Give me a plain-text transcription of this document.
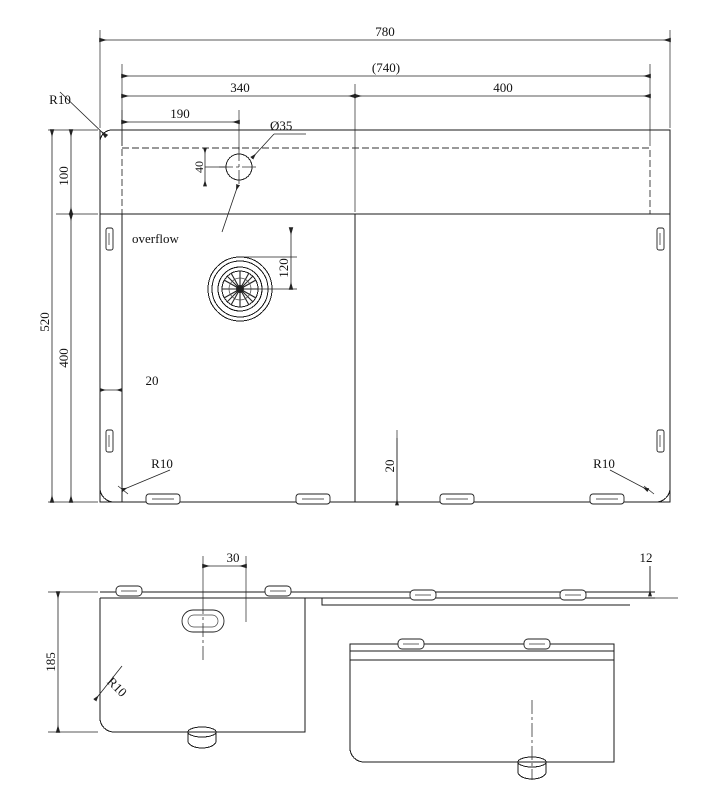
780
(740)
340	400
190
Ø35
40
R10
overflow
100
400
520
120
20
20
R10	R10
30	12
185
R10
